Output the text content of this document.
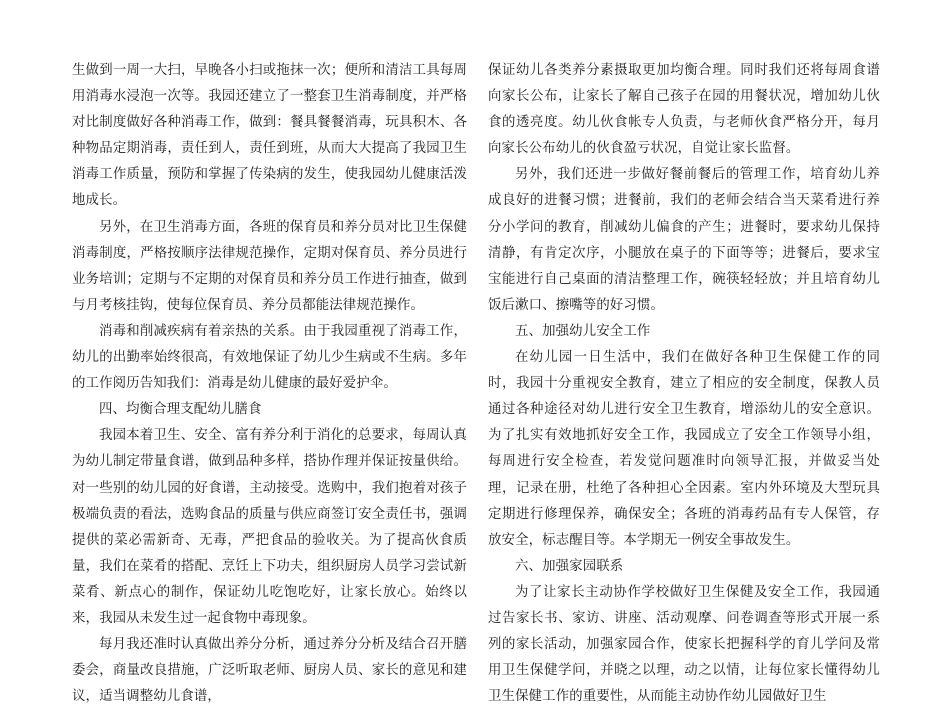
生做到一周一大扫，早晚各小扫或拖抹一次；便所和清洁工具每周用消毒水浸泡一次等。我园还建立了一整套卫生消毒制度，并严格对比制度做好各种消毒工作，做到：餐具餐餐消毒，玩具积木、各种物品定期消毒，责任到人，责任到班，从而大大提高了我园卫生消毒工作质量，预防和掌握了传染病的发生，使我园幼儿健康活泼地成长。

另外，在卫生消毒方面，各班的保育员和养分员对比卫生保健消毒制度，严格按顺序法律规范操作，定期对保育员、养分员进行业务培训；定期与不定期的对保育员和养分员工作进行抽查，做到与月考核挂钩，使每位保育员、养分员都能法律规范操作。

消毒和削减疾病有着亲热的关系。由于我园重视了消毒工作，幼儿的出勤率始终很高，有效地保证了幼儿少生病或不生病。多年的工作阅历告知我们：消毒是幼儿健康的最好爱护伞。

四、均衡合理支配幼儿膳食

我园本着卫生、安全、富有养分利于消化的总要求，每周认真为幼儿制定带量食谱，做到品种多样，搭协作理并保证按量供给。对一些别的幼儿园的好食谱，主动接受。选购中，我们抱着对孩子极端负责的看法，选购食品的质量与供应商签订安全责任书，强调提供的菜必需新奇、无毒，严把食品的验收关。为了提高伙食质量，我们在菜肴的搭配、烹饪上下功夫，组织厨房人员学习尝试新菜肴、新点心的制作，保证幼儿吃饱吃好，让家长放心。始终以来，我园从未发生过一起食物中毒现象。

每月我还准时认真做出养分分析，通过养分分析及结合召开膳委会，商量改良措施，广泛听取老师、厨房人员、家长的意见和建议，适当调整幼儿食谱，

保证幼儿各类养分素摄取更加均衡合理。同时我们还将每周食谱向家长公布，让家长了解自己孩子在园的用餐状况，增加幼儿伙食的透亮度。幼儿伙食帐专人负责，与老师伙食严格分开，每月向家长公布幼儿的伙食盈亏状况，自觉让家长监督。

另外，我们还进一步做好餐前餐后的管理工作，培育幼儿养成良好的进餐习惯；进餐前，我们的老师会结合当天菜肴进行养分小学问的教育，削减幼儿偏食的产生；进餐时，要求幼儿保持清静，有肯定次序，小腿放在桌子的下面等等；进餐后，要求宝宝能进行自己桌面的清洁整理工作，碗筷轻轻放；并且培育幼儿饭后漱口、擦嘴等的好习惯。

五、加强幼儿安全工作

在幼儿园一日生活中，我们在做好各种卫生保健工作的同时，我园十分重视安全教育，建立了相应的安全制度，保教人员通过各种途径对幼儿进行安全卫生教育，增添幼儿的安全意识。为了扎实有效地抓好安全工作，我园成立了安全工作领导小组，每周进行安全检查，若发觉问题准时向领导汇报，并做妥当处理，记录在册，杜绝了各种担心全因素。室内外环境及大型玩具定期进行修理保养，确保安全；各班的消毒药品有专人保管，存放安全，标志醒目等。本学期无一例安全事故发生。

六、加强家园联系

为了让家长主动协作学校做好卫生保健及安全工作，我园通过告家长书、家访、讲座、活动观摩、问卷调查等形式开展一系列的家长活动，加强家园合作，使家长把握科学的育儿学问及常用卫生保健学问，并晓之以理，动之以情，让每位家长懂得幼儿卫生保健工作的重要性，从而能主动协作幼儿园做好卫生
